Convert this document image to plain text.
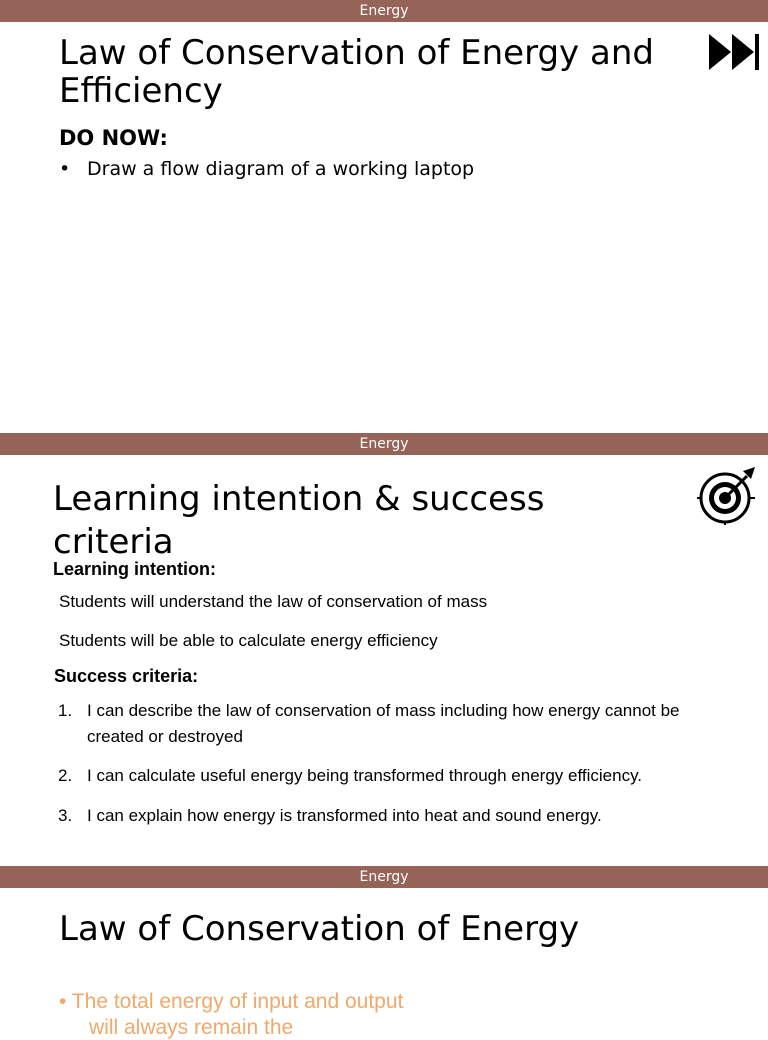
Energy
Law of Conservation of Energy and Efficiency
DO NOW:
• Draw a flow diagram of a working laptop
Energy
Learning intention & success criteria
Learning intention:
Students will understand the law of conservation of mass
Students will be able to calculate energy efficiency
Success criteria:
1. I can describe the law of conservation of mass including how energy cannot be created or destroyed
2. I can calculate useful energy being transformed through energy efficiency.
3. I can explain how energy is transformed into heat and sound energy.
Energy
Law of Conservation of Energy
• The total energy of input and output
will always remain the
